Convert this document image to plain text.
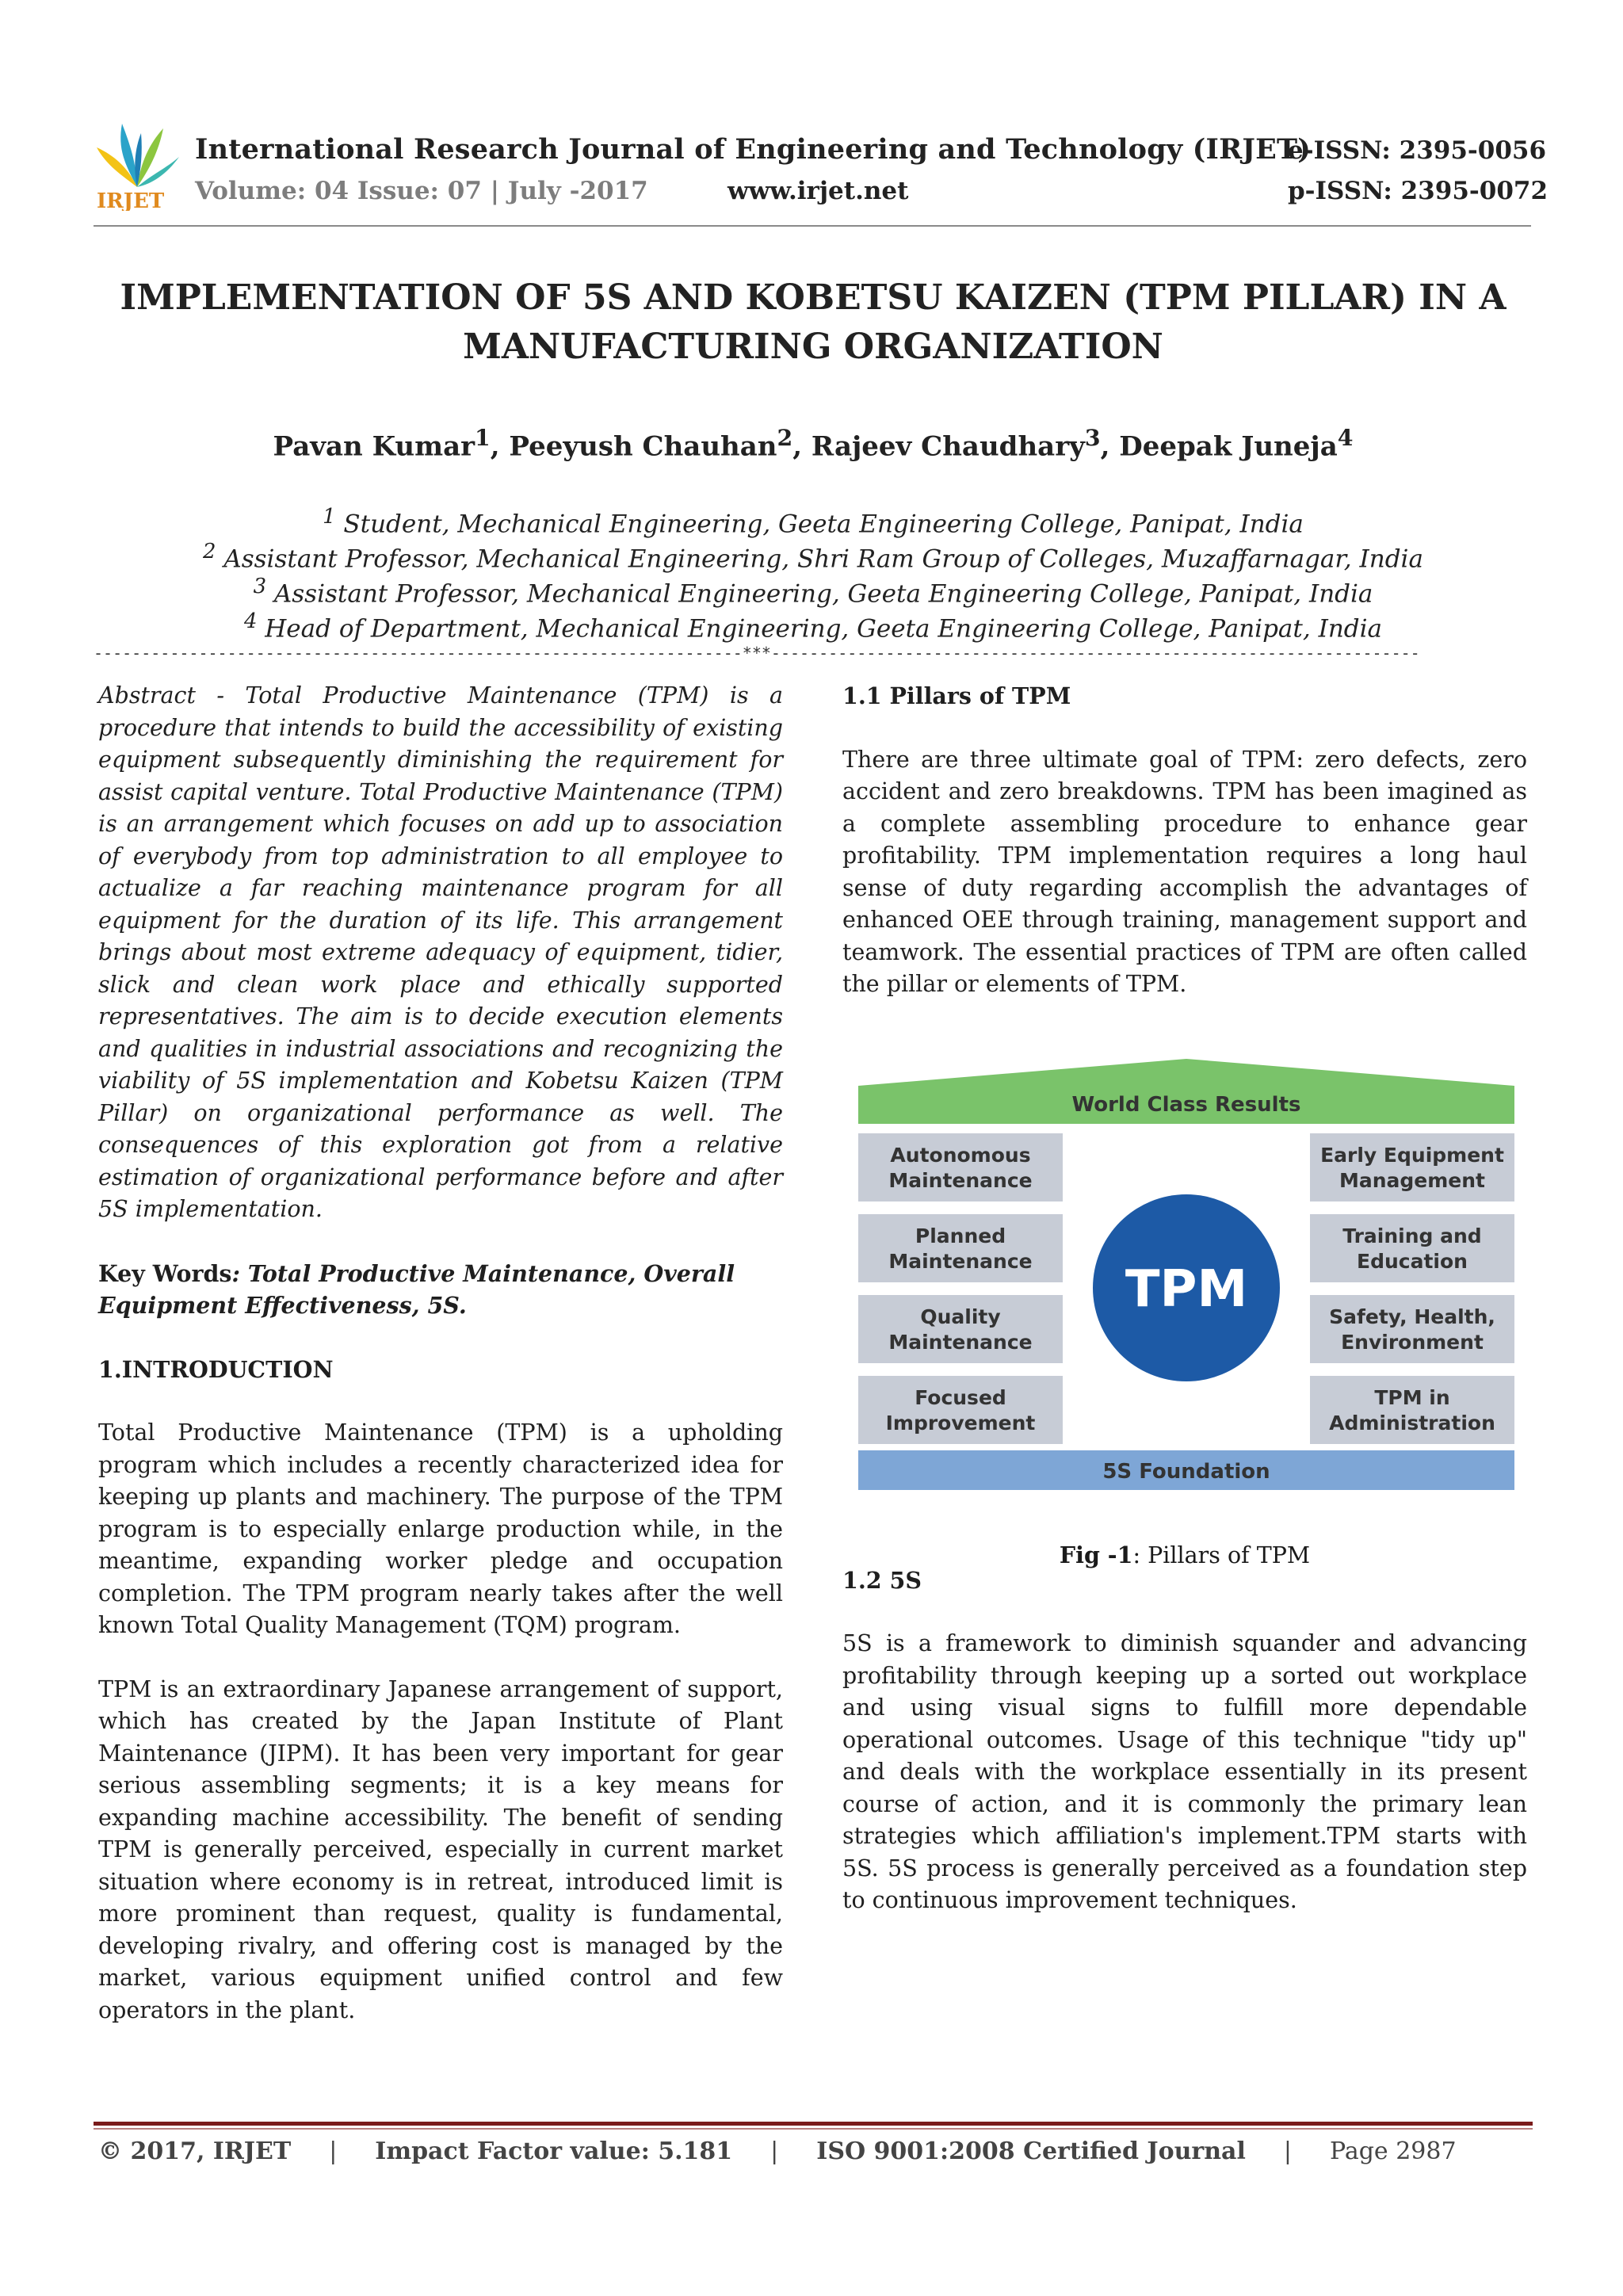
IRJET
International Research Journal of Engineering and Technology (IRJET)
Volume: 04 Issue: 07 | July -2017	www.irjet.net
e-ISSN: 2395-0056
p-ISSN: 2395-0072
IMPLEMENTATION OF 5S AND KOBETSU KAIZEN (TPM PILLAR) IN A
MANUFACTURING ORGANIZATION
Pavan Kumar$^1$, Peeyush Chauhan$^2$, Rajeev Chaudhary$^3$, Deepak Juneja$^4$
$^1$ Student, Mechanical Engineering, Geeta Engineering College, Panipat, India
$^2$ Assistant Professor, Mechanical Engineering, Shri Ram Group of Colleges, Muzaffarnagar, India
$^3$ Assistant Professor, Mechanical Engineering, Geeta Engineering College, Panipat, India
$^4$ Head of Department, Mechanical Engineering, Geeta Engineering College, Panipat, India
--------------------------------------------------------------------***--------------------------------------------------------------------
Abstract - Total Productive Maintenance (TPM) is a procedure that intends to build the accessibility of existing equipment subsequently diminishing the requirement for assist capital venture. Total Productive Maintenance (TPM) is an arrangement which focuses on add up to association of everybody from top administration to all employee to actualize a far reaching maintenance program for all equipment for the duration of its life. This arrangement brings about most extreme adequacy of equipment, tidier, slick and clean work place and ethically supported representatives. The aim is to decide execution elements and qualities in industrial associations and recognizing the viability of 5S implementation and Kobetsu Kaizen (TPM Pillar) on organizational performance as well. The consequences of this exploration got from a relative estimation of organizational performance before and after 5S implementation.
Key Words: Total Productive Maintenance, Overall Equipment Effectiveness, 5S.
1.INTRODUCTION
Total Productive Maintenance (TPM) is a upholding program which includes a recently characterized idea for keeping up plants and machinery. The purpose of the TPM program is to especially enlarge production while, in the meantime, expanding worker pledge and occupation completion. The TPM program nearly takes after the well known Total Quality Management (TQM) program.
TPM is an extraordinary Japanese arrangement of support, which has created by the Japan Institute of Plant Maintenance (JIPM). It has been very important for gear serious assembling segments; it is a key means for expanding machine accessibility. The benefit of sending TPM is generally perceived, especially in current market situation where economy is in retreat, introduced limit is more prominent than request, quality is fundamental, developing rivalry, and offering cost is managed by the market, various equipment unified control and few operators in the plant.
1.1 Pillars of TPM
There are three ultimate goal of TPM: zero defects, zero accident and zero breakdowns. TPM has been imagined as a complete assembling procedure to enhance gear profitability. TPM implementation requires a long haul sense of duty regarding accomplish the advantages of enhanced OEE through training, management support and teamwork. The essential practices of TPM are often called the pillar or elements of TPM.
1.2 5S
5S is a framework to diminish squander and advancing profitability through keeping up a sorted out workplace and using visual signs to fulfill more dependable operational outcomes. Usage of this technique "tidy up" and deals with the workplace essentially in its present course of action, and it is commonly the primary lean strategies which affiliation's implement.TPM starts with 5S. 5S process is generally perceived as a foundation step to continuous improvement techniques.
World Class Results
Autonomous
Maintenance
Planned
Maintenance
Quality
Maintenance
Focused
Improvement
Early Equipment
Management
Training and
Education
Safety, Health,
Environment
TPM in
Administration
5S Foundation
TPM
Fig -1: Pillars of TPM
© 2017, IRJET | Impact Factor value: 5.181 | ISO 9001:2008 Certified Journal | Page 2987
